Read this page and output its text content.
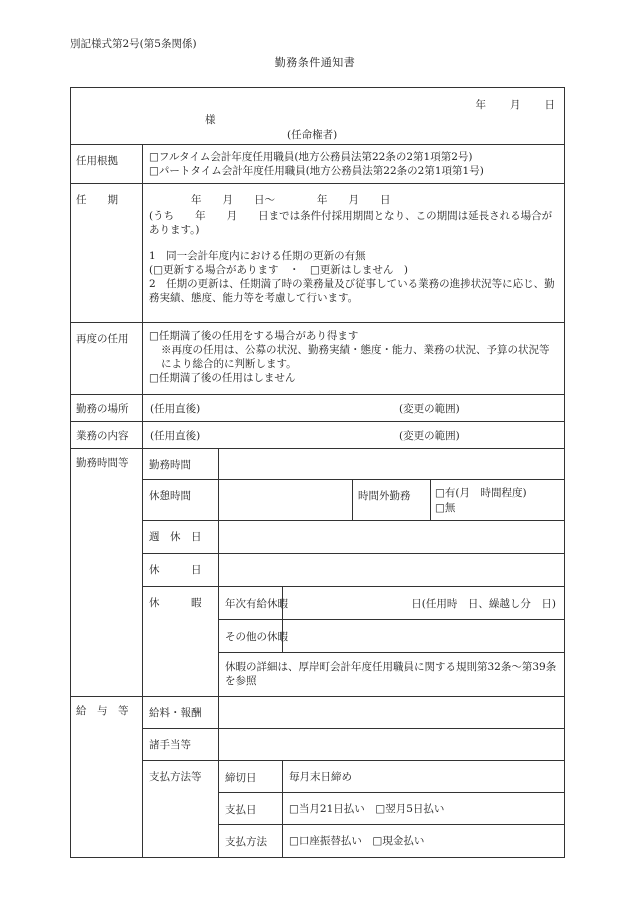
別記様式第2号(第5条関係)
勤務条件通知書
年　　月　　日
様
(任命権者)
任用根拠	□フルタイム会計年度任用職員(地方公務員法第22条の2第1項第2号)
□パートタイム会計年度任用職員(地方公務員法第22条の2第1項第1号)
任　　期	年　　月　　日～　　　　年　　月　　日
(うち　　年　　月　　日までは条件付採用期間となり、この期間は延長される場合があります。)
1　同一会計年度内における任期の更新の有無
(□更新する場合があります　・　□更新はしません　)
2　任期の更新は、任期満了時の業務量及び従事している業務の進捗状況等に応じ、勤務実績、態度、能力等を考慮して行います。
再度の任用 □任期満了後の任用をする場合があり得ます
※再度の任用は、公募の状況、勤務実績・態度・能力、業務の状況、予算の状況等により総合的に判断します。
□任期満了後の任用はしません
勤務の場所 (任用直後)	(変更の範囲)
業務の内容 (任用直後)	(変更の範囲)
勤務時間等 勤務時間
休憩時間	時間外勤務 □有(月　時間程度)
□無
週　休　日
休　　　日
休　　　暇 年次有給休暇	日(任用時　日、繰越し分　日)
その他の休暇
休暇の詳細は、厚岸町会計年度任用職員に関する規則第32条～第39条を参照
給　与　等 給料・報酬
諸手当等
支払方法等 締切日	毎月末日締め
支払日	□当月21日払い　□翌月5日払い
支払方法	□口座振替払い　□現金払い
